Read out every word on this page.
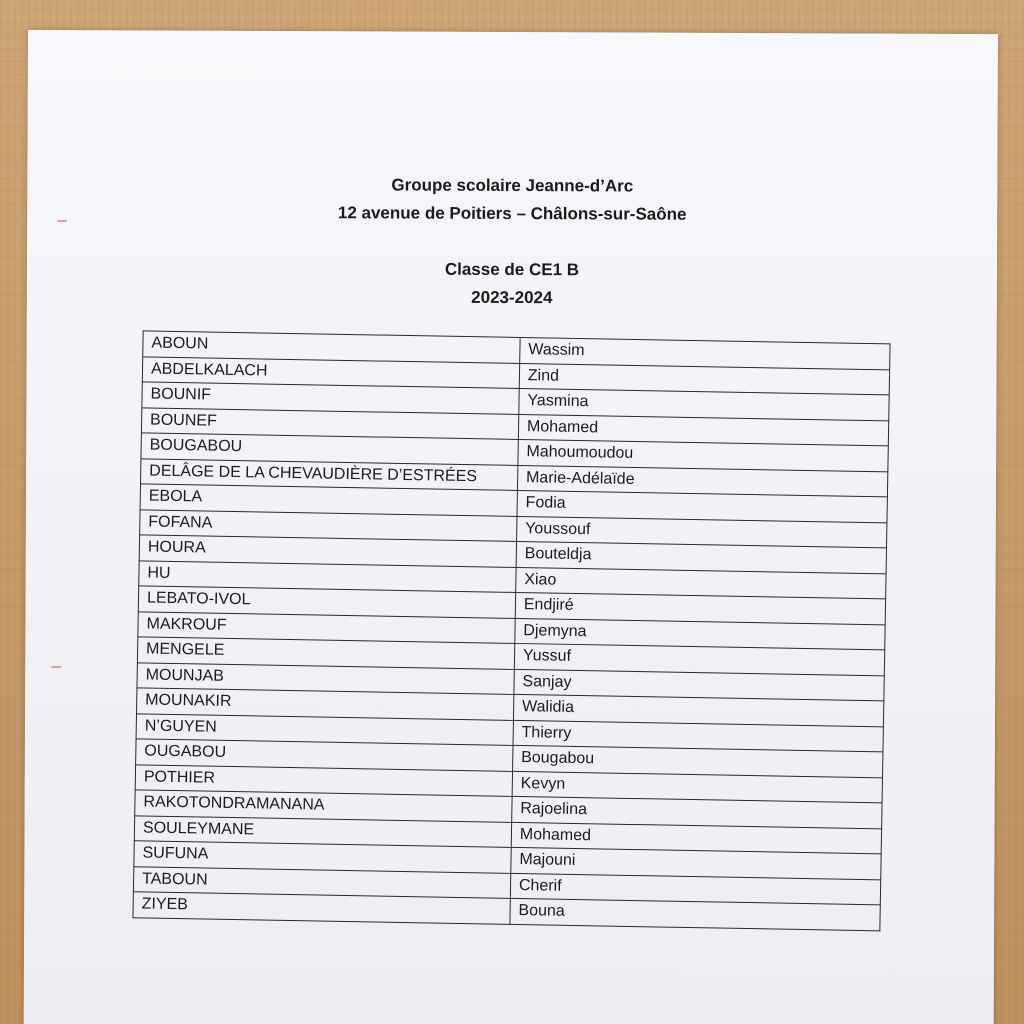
Groupe scolaire Jeanne-d’Arc
12 avenue de Poitiers – Châlons-sur-Saône
Classe de CE1 B
2023-2024
ABOUN	Wassim
ABDELKALACH	Zind
BOUNIF	Yasmina
BOUNEF	Mohamed
BOUGABOU	Mahoumoudou
DELÂGE DE LA CHEVAUDIÈRE D’ESTRÉES	Marie-Adélaïde
EBOLA	Fodia
FOFANA	Youssouf
HOURA	Bouteldja
HU	Xiao
LEBATO-IVOL	Endjiré
MAKROUF	Djemyna
MENGELE	Yussuf
MOUNJAB	Sanjay
MOUNAKIR	Walidia
N’GUYEN	Thierry
OUGABOU	Bougabou
POTHIER	Kevyn
RAKOTONDRAMANANA	Rajoelina
SOULEYMANE	Mohamed
SUFUNA	Majouni
TABOUN	Cherif
ZIYEB	Bouna
